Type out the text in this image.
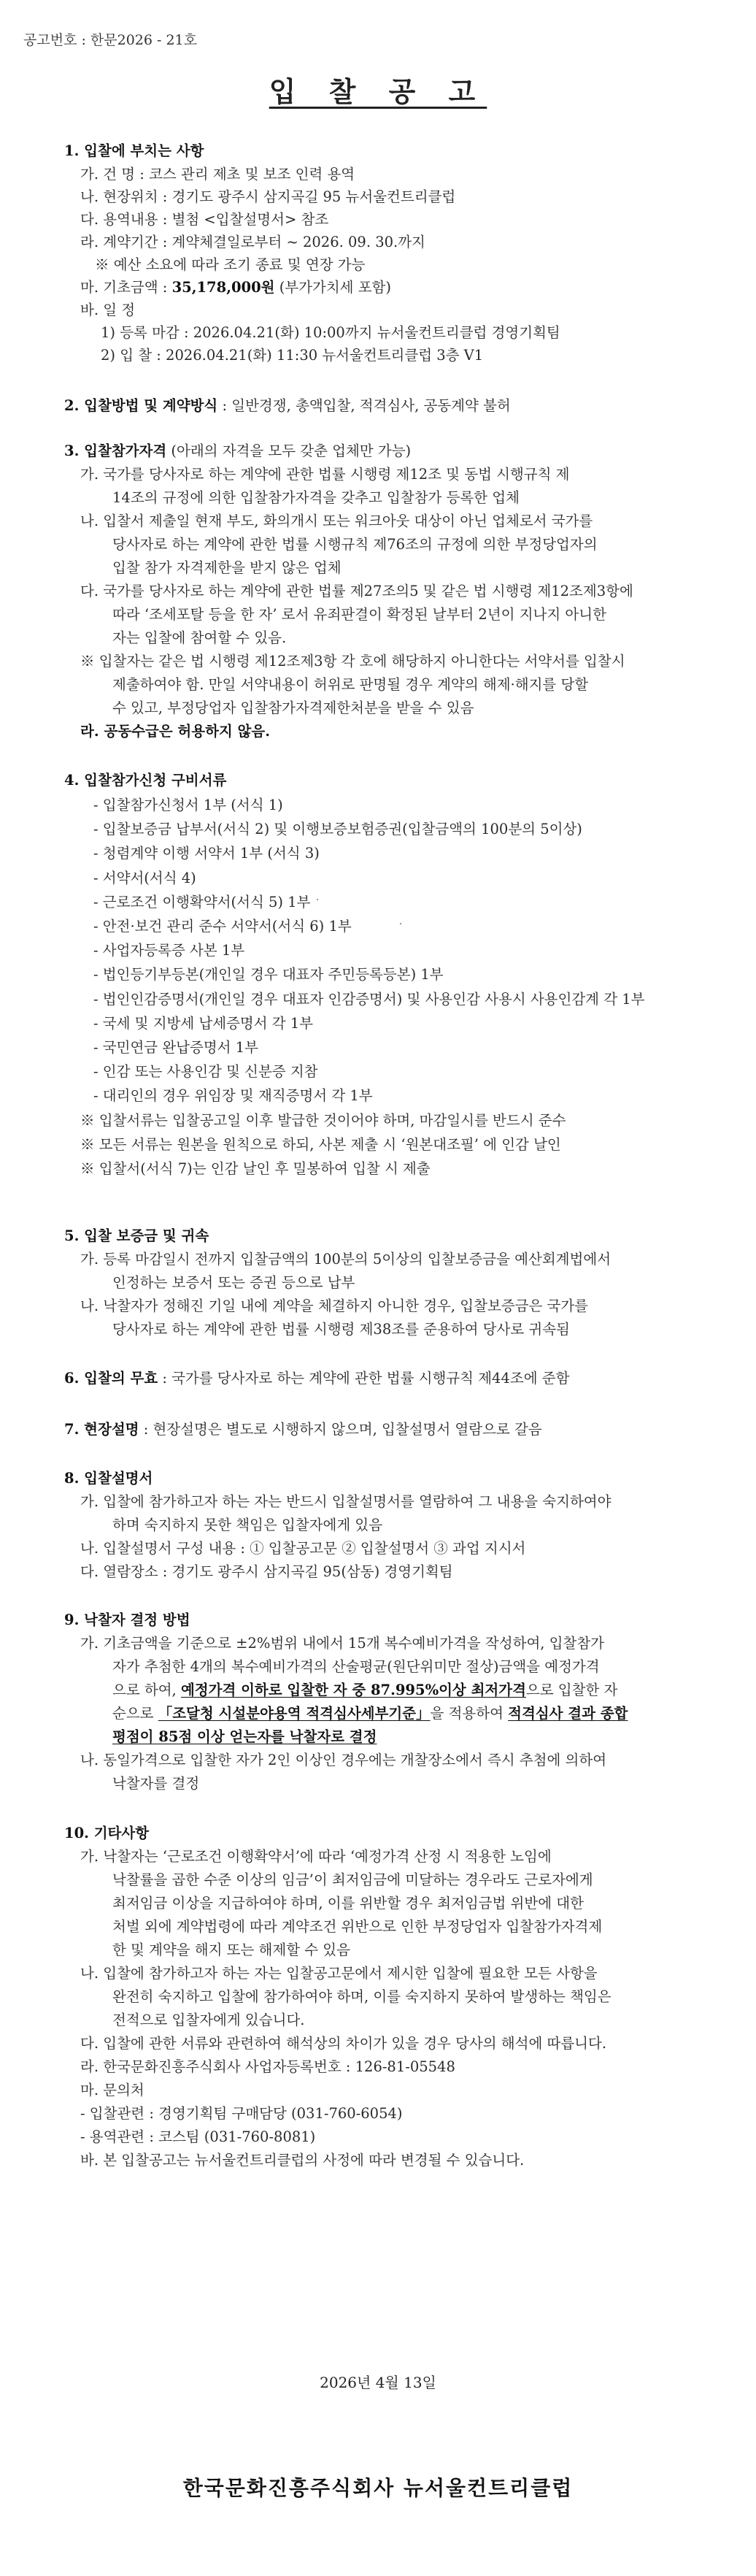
공고번호 : 한문2026 - 21호
입 찰 공 고
1. 입찰에 부치는 사항
가. 건 명 : 코스 관리 제초 및 보조 인력 용역
나. 현장위치 : 경기도 광주시 삼지곡길 95 뉴서울컨트리클럽
다. 용역내용 : 별첨 <입찰설명서> 참조
라. 계약기간 : 계약체결일로부터 ~ 2026. 09. 30.까지
※ 예산 소요에 따라 조기 종료 및 연장 가능
마. 기초금액 : 35,178,000원 (부가가치세 포함)
바. 일 정
1) 등록 마감 : 2026.04.21(화) 10:00까지 뉴서울컨트리클럽 경영기획팀
2) 입 찰 : 2026.04.21(화) 11:30 뉴서울컨트리클럽 3층 V1
2. 입찰방법 및 계약방식 : 일반경쟁, 총액입찰, 적격심사, 공동계약 불허
3. 입찰참가자격 (아래의 자격을 모두 갖춘 업체만 가능)
가. 국가를 당사자로 하는 계약에 관한 법률 시행령 제12조 및 동법 시행규칙 제
14조의 규정에 의한 입찰참가자격을 갖추고 입찰참가 등록한 업체
나. 입찰서 제출일 현재 부도, 화의개시 또는 워크아웃 대상이 아닌 업체로서 국가를
당사자로 하는 계약에 관한 법률 시행규칙 제76조의 규정에 의한 부정당업자의
입찰 참가 자격제한을 받지 않은 업체
다. 국가를 당사자로 하는 계약에 관한 법률 제27조의5 및 같은 법 시행령 제12조제3항에
따라 ‘조세포탈 등을 한 자’ 로서 유죄판결이 확정된 날부터 2년이 지나지 아니한
자는 입찰에 참여할 수 있음.
※ 입찰자는 같은 법 시행령 제12조제3항 각 호에 해당하지 아니한다는 서약서를 입찰시
제출하여야 함. 만일 서약내용이 허위로 판명될 경우 계약의 해제·해지를 당할
수 있고, 부정당업자 입찰참가자격제한처분을 받을 수 있음
라. 공동수급은 허용하지 않음.
4. 입찰참가신청 구비서류
- 입찰참가신청서 1부 (서식 1)
- 입찰보증금 납부서(서식 2) 및 이행보증보험증권(입찰금액의 100분의 5이상)
- 청렴계약 이행 서약서 1부 (서식 3)
- 서약서(서식 4)
- 근로조건 이행확약서(서식 5) 1부
- 안전·보건 관리 준수 서약서(서식 6) 1부
- 사업자등록증 사본 1부
- 법인등기부등본(개인일 경우 대표자 주민등록등본) 1부
- 법인인감증명서(개인일 경우 대표자 인감증명서) 및 사용인감 사용시 사용인감계 각 1부
- 국세 및 지방세 납세증명서 각 1부
- 국민연금 완납증명서 1부
- 인감 또는 사용인감 및 신분증 지참
- 대리인의 경우 위임장 및 재직증명서 각 1부
※ 입찰서류는 입찰공고일 이후 발급한 것이어야 하며, 마감일시를 반드시 준수
※ 모든 서류는 원본을 원칙으로 하되, 사본 제출 시 ‘원본대조필’ 에 인감 날인
※ 입찰서(서식 7)는 인감 날인 후 밀봉하여 입찰 시 제출
5. 입찰 보증금 및 귀속
가. 등록 마감일시 전까지 입찰금액의 100분의 5이상의 입찰보증금을 예산회계법에서
인정하는 보증서 또는 증권 등으로 납부
나. 낙찰자가 정해진 기일 내에 계약을 체결하지 아니한 경우, 입찰보증금은 국가를
당사자로 하는 계약에 관한 법률 시행령 제38조를 준용하여 당사로 귀속됨
6. 입찰의 무효 : 국가를 당사자로 하는 계약에 관한 법률 시행규칙 제44조에 준함
7. 현장설명 : 현장설명은 별도로 시행하지 않으며, 입찰설명서 열람으로 갈음
8. 입찰설명서
가. 입찰에 참가하고자 하는 자는 반드시 입찰설명서를 열람하여 그 내용을 숙지하여야
하며 숙지하지 못한 책임은 입찰자에게 있음
나. 입찰설명서 구성 내용 : ① 입찰공고문 ② 입찰설명서 ③ 과업 지시서
다. 열람장소 : 경기도 광주시 삼지곡길 95(삼동) 경영기획팀
9. 낙찰자 결정 방법
가. 기초금액을 기준으로 ±2%범위 내에서 15개 복수예비가격을 작성하여, 입찰참가
자가 추첨한 4개의 복수예비가격의 산술평균(원단위미만 절상)금액을 예정가격
으로 하여, 예정가격 이하로 입찰한 자 중 87.995%이상 최저가격으로 입찰한 자
순으로 「조달청 시설분야용역 적격심사세부기준」을 적용하여 적격심사 결과 종합
평점이 85점 이상 얻는자를 낙찰자로 결정
나. 동일가격으로 입찰한 자가 2인 이상인 경우에는 개찰장소에서 즉시 추첨에 의하여
낙찰자를 결정
10. 기타사항
가. 낙찰자는 ‘근로조건 이행확약서’에 따라 ‘예정가격 산정 시 적용한 노임에
낙찰률을 곱한 수준 이상의 임금’이 최저임금에 미달하는 경우라도 근로자에게
최저임금 이상을 지급하여야 하며, 이를 위반할 경우 최저임금법 위반에 대한
처벌 외에 계약법령에 따라 계약조건 위반으로 인한 부정당업자 입찰참가자격제
한 및 계약을 해지 또는 해제할 수 있음
나. 입찰에 참가하고자 하는 자는 입찰공고문에서 제시한 입찰에 필요한 모든 사항을
완전히 숙지하고 입찰에 참가하여야 하며, 이를 숙지하지 못하여 발생하는 책임은
전적으로 입찰자에게 있습니다.
다. 입찰에 관한 서류와 관련하여 해석상의 차이가 있을 경우 당사의 해석에 따릅니다.
라. 한국문화진흥주식회사 사업자등록번호 : 126-81-05548
마. 문의처
- 입찰관련 : 경영기획팀 구매담당 (031-760-6054)
- 용역관련 : 코스팀 (031-760-8081)
바. 본 입찰공고는 뉴서울컨트리클럽의 사정에 따라 변경될 수 있습니다.
2026년 4월 13일
한국문화진흥주식회사 뉴서울컨트리클럽
